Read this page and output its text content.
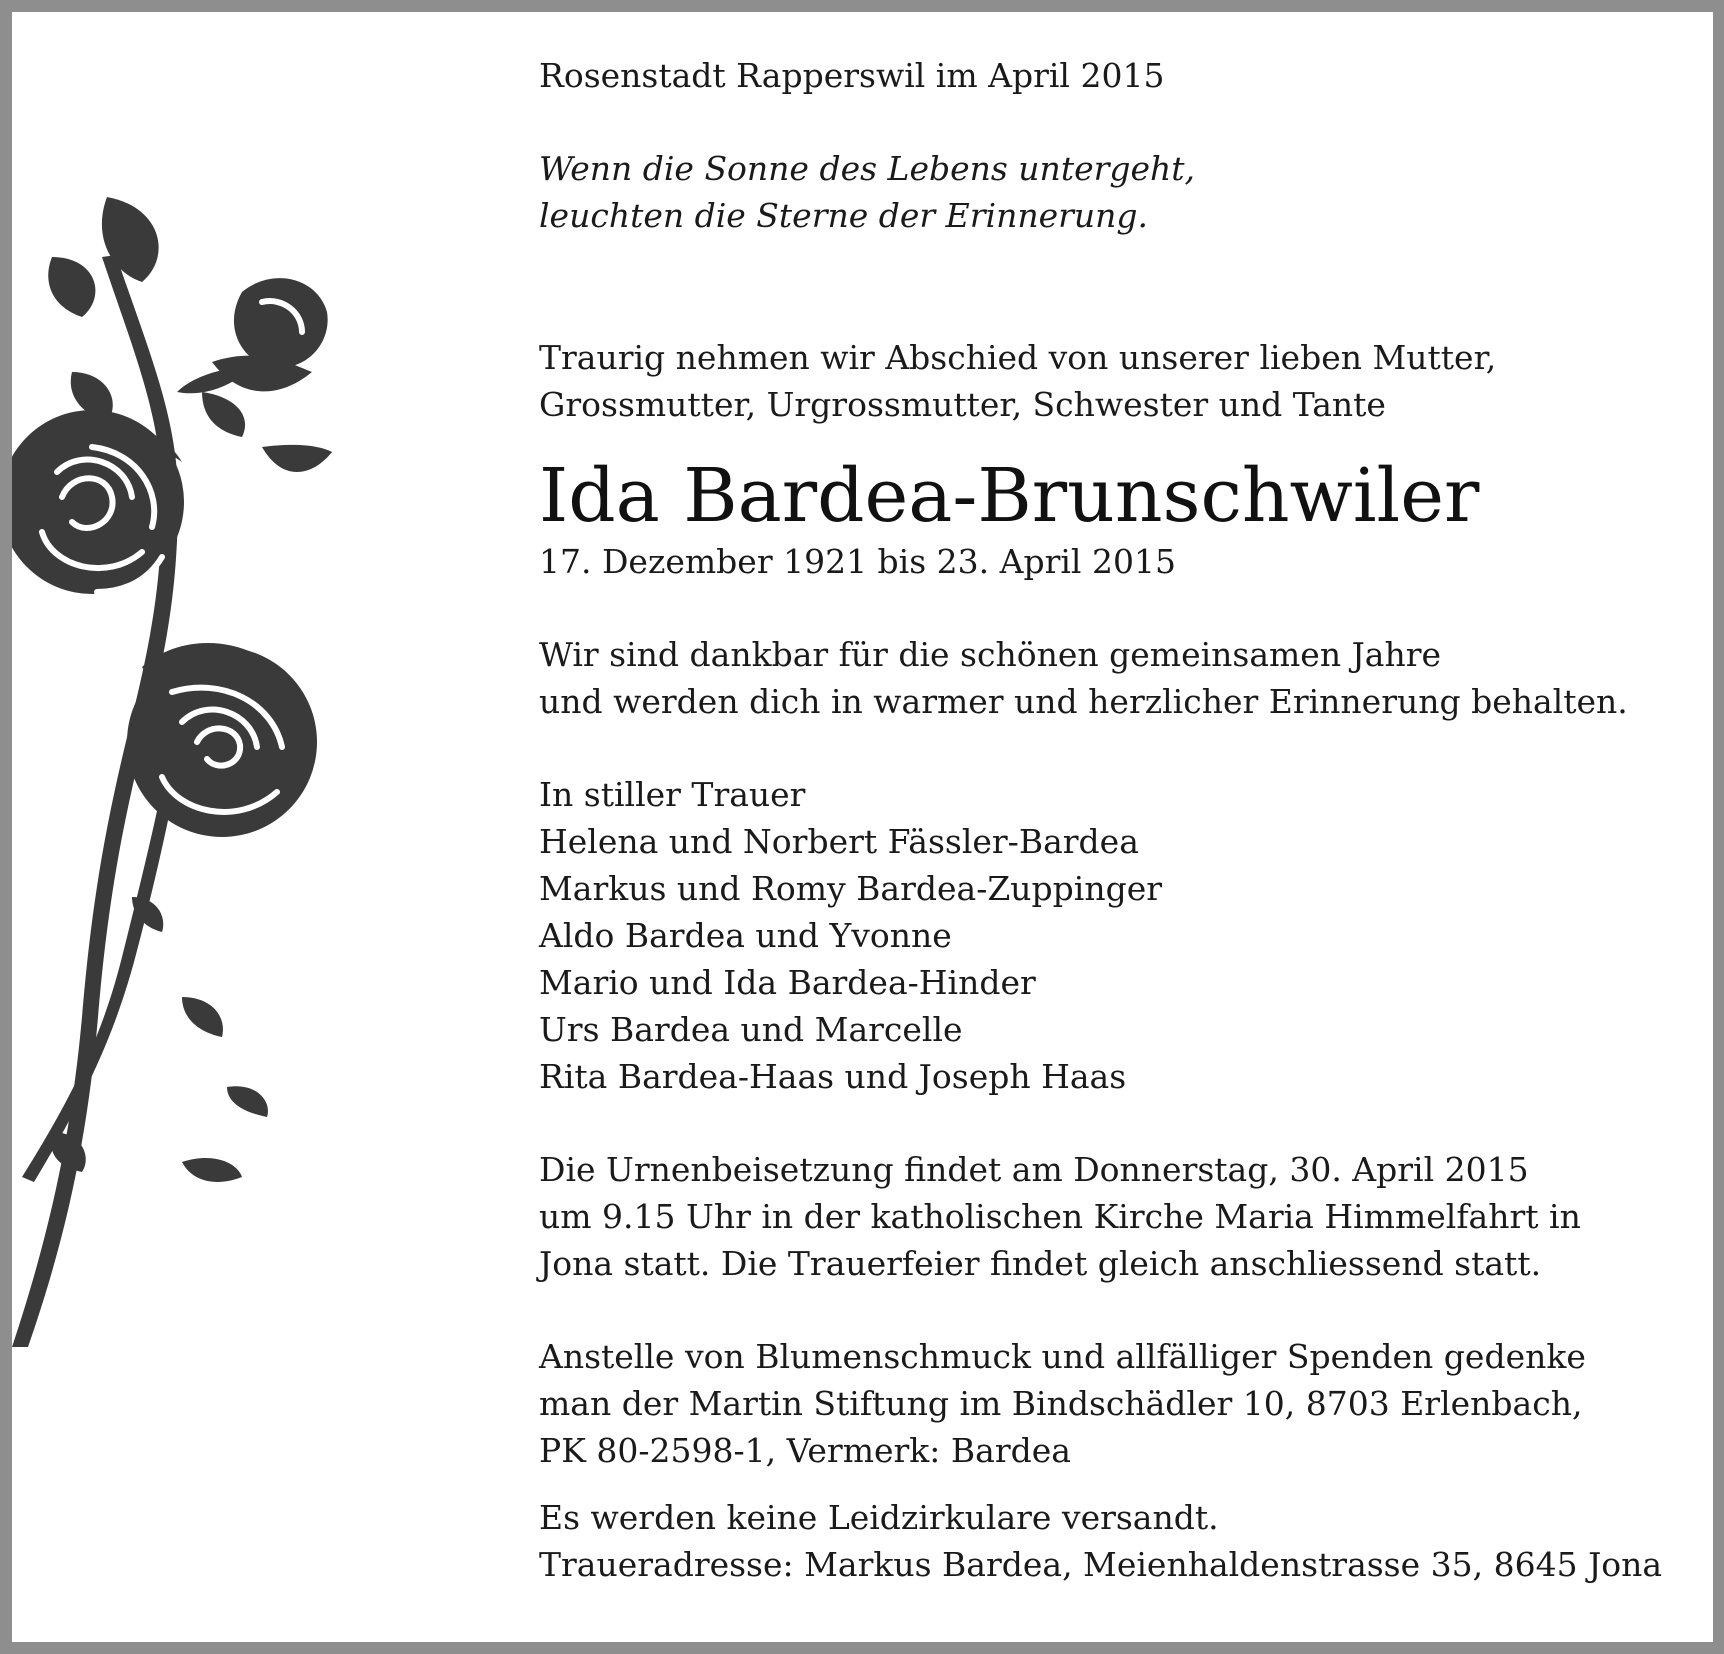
Rosenstadt Rapperswil im April 2015

Wenn die Sonne des Lebens untergeht,
leuchten die Sterne der Erinnerung.

Traurig nehmen wir Abschied von unserer lieben Mutter,
Grossmutter, Urgrossmutter, Schwester und Tante

Ida Bardea-Brunschwiler

17. Dezember 1921 bis 23. April 2015

Wir sind dankbar für die schönen gemeinsamen Jahre
und werden dich in warmer und herzlicher Erinnerung behalten.

In stiller Trauer
Helena und Norbert Fässler-Bardea
Markus und Romy Bardea-Zuppinger
Aldo Bardea und Yvonne
Mario und Ida Bardea-Hinder
Urs Bardea und Marcelle
Rita Bardea-Haas und Joseph Haas

Die Urnenbeisetzung findet am Donnerstag, 30. April 2015
um 9.15 Uhr in der katholischen Kirche Maria Himmelfahrt in
Jona statt. Die Trauerfeier findet gleich anschliessend statt.

Anstelle von Blumenschmuck und allfälliger Spenden gedenke
man der Martin Stiftung im Bindschädler 10, 8703 Erlenbach,
PK 80-2598-1, Vermerk: Bardea

Es werden keine Leidzirkulare versandt.
Traueradresse: Markus Bardea, Meienhaldenstrasse 35, 8645 Jona
